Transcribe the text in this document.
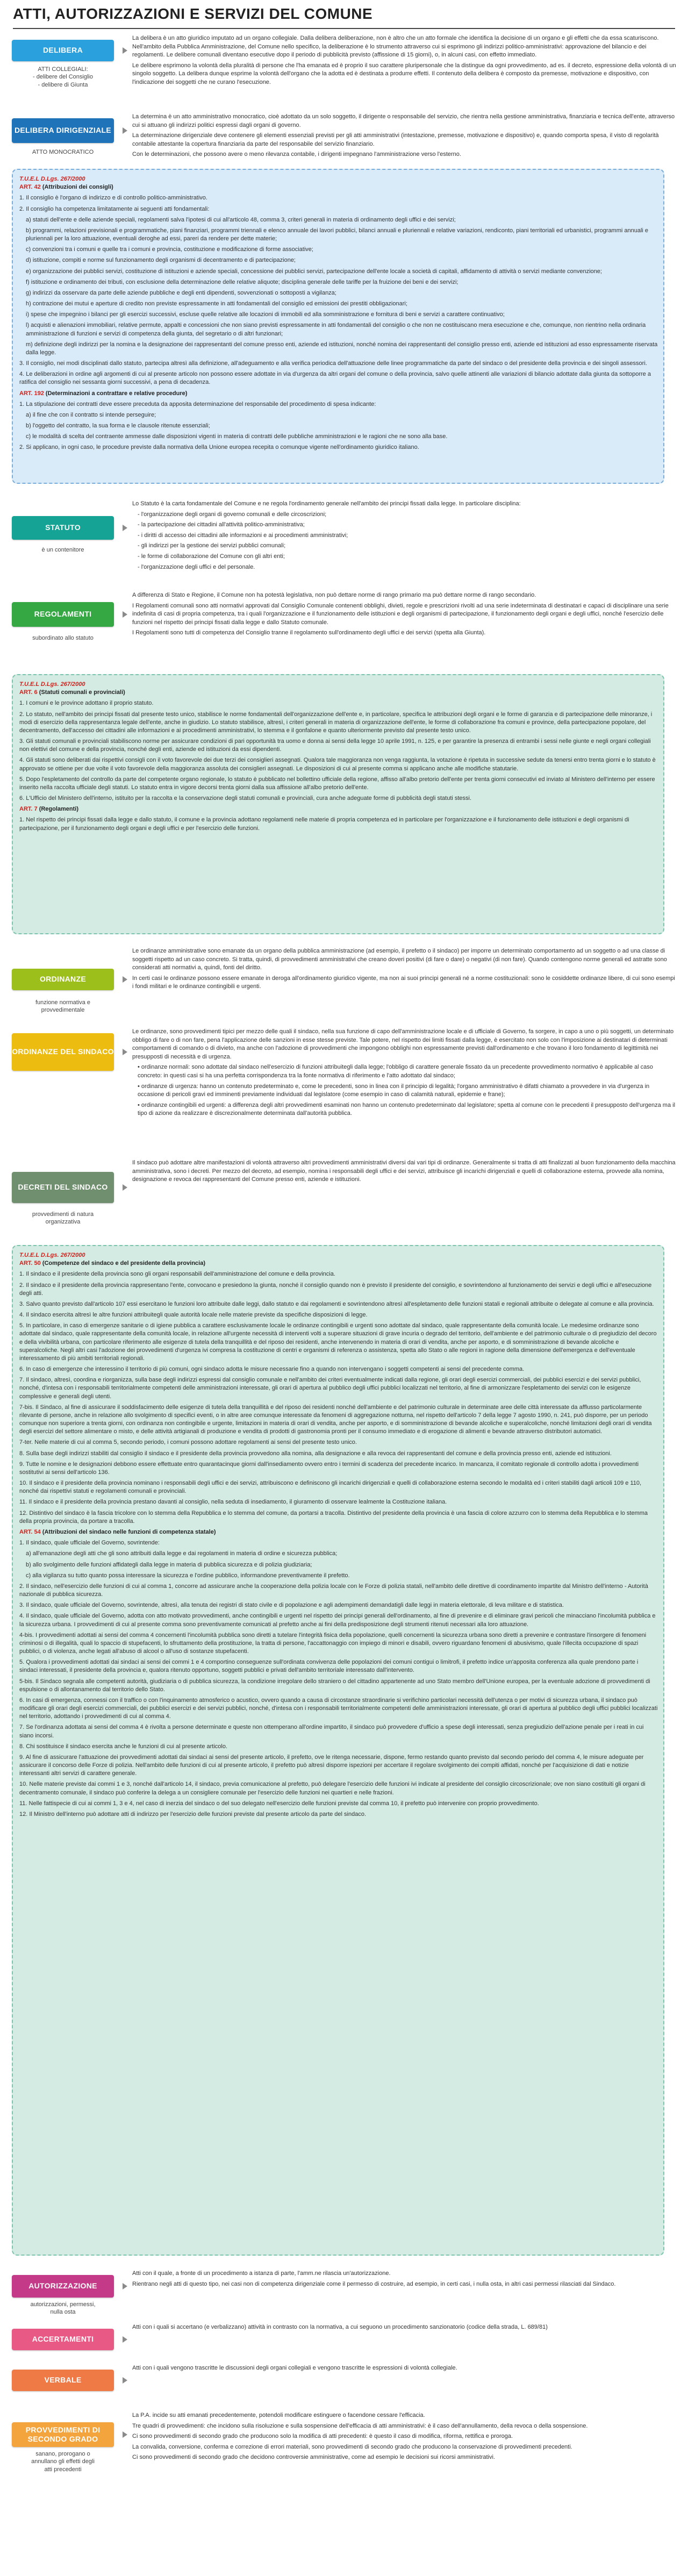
ATTI, AUTORIZZAZIONI E SERVIZI DEL COMUNE
DELIBERA
ATTI COLLEGIALI:
- delibere del Consiglio
- delibere di Giunta

La delibera è un atto giuridico imputato ad un organo collegiale. Dalla delibera deliberazione, non è altro che un atto formale che identifica la decisione di un organo e gli effetti che da essa scaturiscono. Nell'ambito della Pubblica Amministrazione, del Comune nello specifico, la deliberazione è lo strumento attraverso cui si esprimono gli indirizzi politico-amministrativi: approvazione del bilancio e dei regolamenti. Le delibere comunali diventano esecutive dopo il periodo di pubblicità previsto (affissione di 15 giorni), o, in alcuni casi, con effetto immediato.

Le delibere esprimono la volontà della pluralità di persone che l'ha emanata ed è proprio il suo carattere pluripersonale che la distingue da ogni provvedimento, ad es. il decreto, espressione della volontà di un singolo soggetto. La delibera dunque esprime la volontà dell'organo che la adotta ed è destinata a produrre effetti. Il contenuto della delibera è composto da premesse, motivazione e dispositivo, con l'indicazione dei soggetti che ne curano l'esecuzione.

DELIBERA DIRIGENZIALE
ATTO MONOCRATICO

La determina è un atto amministrativo monocratico, cioè adottato da un solo soggetto, il dirigente o responsabile del servizio, che rientra nella gestione amministrativa, finanziaria e tecnica dell'ente, attraverso cui si attuano gli indirizzi politici espressi dagli organi di governo.

La determinazione dirigenziale deve contenere gli elementi essenziali previsti per gli atti amministrativi (intestazione, premesse, motivazione e dispositivo) e, quando comporta spesa, il visto di regolarità contabile attestante la copertura finanziaria da parte del responsabile del servizio finanziario.

Con le determinazioni, che possono avere o meno rilevanza contabile, i dirigenti impegnano l'amministrazione verso l'esterno.

T.U.E.L D.Lgs. 267/2000

ART. 42 (Attribuzioni dei consigli)

1. Il consiglio è l'organo di indirizzo e di controllo politico-amministrativo.

2. Il consiglio ha competenza limitatamente ai seguenti atti fondamentali:

a) statuti dell'ente e delle aziende speciali, regolamenti salva l'ipotesi di cui all'articolo 48, comma 3, criteri generali in materia di ordinamento degli uffici e dei servizi;

b) programmi, relazioni previsionali e programmatiche, piani finanziari, programmi triennali e elenco annuale dei lavori pubblici, bilanci annuali e pluriennali e relative variazioni, rendiconto, piani territoriali ed urbanistici, programmi annuali e pluriennali per la loro attuazione, eventuali deroghe ad essi, pareri da rendere per dette materie;

c) convenzioni tra i comuni e quelle tra i comuni e provincia, costituzione e modificazione di forme associative;

d) istituzione, compiti e norme sul funzionamento degli organismi di decentramento e di partecipazione;

e) organizzazione dei pubblici servizi, costituzione di istituzioni e aziende speciali, concessione dei pubblici servizi, partecipazione dell'ente locale a società di capitali, affidamento di attività o servizi mediante convenzione;

f) istituzione e ordinamento dei tributi, con esclusione della determinazione delle relative aliquote; disciplina generale delle tariffe per la fruizione dei beni e dei servizi;

g) indirizzi da osservare da parte delle aziende pubbliche e degli enti dipendenti, sovvenzionati o sottoposti a vigilanza;

h) contrazione dei mutui e aperture di credito non previste espressamente in atti fondamentali del consiglio ed emissioni dei prestiti obbligazionari;

i) spese che impegnino i bilanci per gli esercizi successivi, escluse quelle relative alle locazioni di immobili ed alla somministrazione e fornitura di beni e servizi a carattere continuativo;

l) acquisti e alienazioni immobiliari, relative permute, appalti e concessioni che non siano previsti espressamente in atti fondamentali del consiglio o che non ne costituiscano mera esecuzione e che, comunque, non rientrino nella ordinaria amministrazione di funzioni e servizi di competenza della giunta, del segretario o di altri funzionari;

m) definizione degli indirizzi per la nomina e la designazione dei rappresentanti del comune presso enti, aziende ed istituzioni, nonché nomina dei rappresentanti del consiglio presso enti, aziende ed istituzioni ad esso espressamente riservata dalla legge.

3. Il consiglio, nei modi disciplinati dallo statuto, partecipa altresì alla definizione, all'adeguamento e alla verifica periodica dell'attuazione delle linee programmatiche da parte del sindaco o del presidente della provincia e dei singoli assessori.

4. Le deliberazioni in ordine agli argomenti di cui al presente articolo non possono essere adottate in via d'urgenza da altri organi del comune o della provincia, salvo quelle attinenti alle variazioni di bilancio adottate dalla giunta da sottoporre a ratifica del consiglio nei sessanta giorni successivi, a pena di decadenza.

ART. 192 (Determinazioni a contrattare e relative procedure)

1. La stipulazione dei contratti deve essere preceduta da apposita determinazione del responsabile del procedimento di spesa indicante:

a) il fine che con il contratto si intende perseguire;

b) l'oggetto del contratto, la sua forma e le clausole ritenute essenziali;

c) le modalità di scelta del contraente ammesse dalle disposizioni vigenti in materia di contratti delle pubbliche amministrazioni e le ragioni che ne sono alla base.

2. Si applicano, in ogni caso, le procedure previste dalla normativa della Unione europea recepita o comunque vigente nell'ordinamento giuridico italiano.

STATUTO
è un contenitore

Lo Statuto è la carta fondamentale del Comune e ne regola l'ordinamento generale nell'ambito dei principi fissati dalla legge. In particolare disciplina:

- l'organizzazione degli organi di governo comunali e delle circoscrizioni;

- la partecipazione dei cittadini all'attività politico-amministrativa;

- i diritti di accesso dei cittadini alle informazioni e ai procedimenti amministrativi;

- gli indirizzi per la gestione dei servizi pubblici comunali;

- le forme di collaborazione del Comune con gli altri enti;

- l'organizzazione degli uffici e del personale.

REGOLAMENTI
subordinato allo statuto

A differenza di Stato e Regione, il Comune non ha potestà legislativa, non può dettare norme di rango primario ma può dettare norme di rango secondario.

I Regolamenti comunali sono atti normativi approvati dal Consiglio Comunale contenenti obblighi, divieti, regole e prescrizioni rivolti ad una serie indeterminata di destinatari e capaci di disciplinare una serie indefinita di casi di propria competenza, tra i quali l'organizzazione e il funzionamento delle istituzioni e degli organismi di partecipazione, il funzionamento degli organi e degli uffici, nonché l'esercizio delle funzioni nel rispetto dei principi fissati dalla legge e dallo Statuto comunale.

I Regolamenti sono tutti di competenza del Consiglio tranne il regolamento sull'ordinamento degli uffici e dei servizi (spetta alla Giunta).

T.U.E.L D.Lgs. 267/2000

ART. 6 (Statuti comunali e provinciali)

1. I comuni e le province adottano il proprio statuto.

2. Lo statuto, nell'ambito dei principi fissati dal presente testo unico, stabilisce le norme fondamentali dell'organizzazione dell'ente e, in particolare, specifica le attribuzioni degli organi e le forme di garanzia e di partecipazione delle minoranze, i modi di esercizio della rappresentanza legale dell'ente, anche in giudizio. Lo statuto stabilisce, altresì, i criteri generali in materia di organizzazione dell'ente, le forme di collaborazione fra comuni e province, della partecipazione popolare, del decentramento, dell'accesso dei cittadini alle informazioni e ai procedimenti amministrativi, lo stemma e il gonfalone e quanto ulteriormente previsto dal presente testo unico.

3. Gli statuti comunali e provinciali stabiliscono norme per assicurare condizioni di pari opportunità tra uomo e donna ai sensi della legge 10 aprile 1991, n. 125, e per garantire la presenza di entrambi i sessi nelle giunte e negli organi collegiali non elettivi del comune e della provincia, nonché degli enti, aziende ed istituzioni da essi dipendenti.

4. Gli statuti sono deliberati dai rispettivi consigli con il voto favorevole dei due terzi dei consiglieri assegnati. Qualora tale maggioranza non venga raggiunta, la votazione è ripetuta in successive sedute da tenersi entro trenta giorni e lo statuto è approvato se ottiene per due volte il voto favorevole della maggioranza assoluta dei consiglieri assegnati. Le disposizioni di cui al presente comma si applicano anche alle modifiche statutarie.

5. Dopo l'espletamento del controllo da parte del competente organo regionale, lo statuto è pubblicato nel bollettino ufficiale della regione, affisso all'albo pretorio dell'ente per trenta giorni consecutivi ed inviato al Ministero dell'interno per essere inserito nella raccolta ufficiale degli statuti. Lo statuto entra in vigore decorsi trenta giorni dalla sua affissione all'albo pretorio dell'ente.

6. L'Ufficio del Ministero dell'interno, istituito per la raccolta e la conservazione degli statuti comunali e provinciali, cura anche adeguate forme di pubblicità degli statuti stessi.

ART. 7 (Regolamenti)

1. Nel rispetto dei principi fissati dalla legge e dallo statuto, il comune e la provincia adottano regolamenti nelle materie di propria competenza ed in particolare per l'organizzazione e il funzionamento delle istituzioni e degli organismi di partecipazione, per il funzionamento degli organi e degli uffici e per l'esercizio delle funzioni.

ORDINANZE
funzione normativa e
provvedimentale

Le ordinanze amministrative sono emanate da un organo della pubblica amministrazione (ad esempio, il prefetto o il sindaco) per imporre un determinato comportamento ad un soggetto o ad una classe di soggetti rispetto ad un caso concreto. Si tratta, quindi, di provvedimenti amministrativi che creano doveri positivi (di fare o dare) o negativi (di non fare). Quando contengono norme generali ed astratte sono considerati atti normativi a, quindi, fonti del diritto.

In certi casi le ordinanze possono essere emanate in deroga all'ordinamento giuridico vigente, ma non ai suoi principi generali né a norme costituzionali: sono le cosiddette ordinanze libere, di cui sono esempi i fondi militari e le ordinanze contingibili e urgenti.

ORDINANZE DEL SINDACO

Le ordinanze, sono provvedimenti tipici per mezzo delle quali il sindaco, nella sua funzione di capo dell'amministrazione locale e di ufficiale di Governo, fa sorgere, in capo a uno o più soggetti, un determinato obbligo di fare o di non fare, pena l'applicazione delle sanzioni in esse stesse previste. Tale potere, nel rispetto dei limiti fissati dalla legge, è esercitato non solo con l'imposizione ai destinatari di determinati comportamenti di comando o di divieto, ma anche con l'adozione di provvedimenti che impongono obblighi non espressamente previsti dall'ordinamento e che trovano il loro fondamento di legittimità nei presupposti di necessità e di urgenza.

• ordinanze normali: sono adottate dal sindaco nell'esercizio di funzioni attribuitegli dalla legge; l'obbligo di carattere generale fissato da un precedente provvedimento normativo è applicabile al caso concreto: in questi casi si ha una perfetta corrispondenza tra la fonte normativa di riferimento e l'atto adottato dal sindaco;

• ordinanze di urgenza: hanno un contenuto predeterminato e, come le precedenti, sono in linea con il principio di legalità; l'organo amministrativo è difatti chiamato a provvedere in via d'urgenza in occasione di pericoli gravi ed imminenti previamente individuati dal legislatore (come esempio in caso di calamità naturali, epidemie e frane);

• ordinanze contingibili ed urgenti: a differenza degli altri provvedimenti esaminati non hanno un contenuto predeterminato dal legislatore; spetta al comune con le precedenti il presupposto dell'urgenza ma il tipo di azione da realizzare è discrezionalmente determinata dall'autorità pubblica.

DECRETI DEL SINDACO
provvedimenti di natura
organizzativa

Il sindaco può adottare altre manifestazioni di volontà attraverso altri provvedimenti amministrativi diversi dai vari tipi di ordinanze. Generalmente si tratta di atti finalizzati al buon funzionamento della macchina amministrativa, sono i decreti. Per mezzo del decreto, ad esempio, nomina i responsabili degli uffici e dei servizi, attribuisce gli incarichi dirigenziali e quelli di collaborazione esterna, provvede alla nomina, designazione e revoca dei rappresentanti del Comune presso enti, aziende e istituzioni.

T.U.E.L D.Lgs. 267/2000

ART. 50 (Competenze del sindaco e del presidente della provincia)

1. Il sindaco e il presidente della provincia sono gli organi responsabili dell'amministrazione del comune e della provincia.

2. Il sindaco e il presidente della provincia rappresentano l'ente, convocano e presiedono la giunta, nonché il consiglio quando non è previsto il presidente del consiglio, e sovrintendono al funzionamento dei servizi e degli uffici e all'esecuzione degli atti.

3. Salvo quanto previsto dall'articolo 107 essi esercitano le funzioni loro attribuite dalle leggi, dallo statuto e dai regolamenti e sovrintendono altresì all'espletamento delle funzioni statali e regionali attribuite o delegate al comune e alla provincia.

4. Il sindaco esercita altresì le altre funzioni attribuitegli quale autorità locale nelle materie previste da specifiche disposizioni di legge.

5. In particolare, in caso di emergenze sanitarie o di igiene pubblica a carattere esclusivamente locale le ordinanze contingibili e urgenti sono adottate dal sindaco, quale rappresentante della comunità locale. Le medesime ordinanze sono adottate dal sindaco, quale rappresentante della comunità locale, in relazione all'urgente necessità di interventi volti a superare situazioni di grave incuria o degrado del territorio, dell'ambiente e del patrimonio culturale o di pregiudizio del decoro e della vivibilità urbana, con particolare riferimento alle esigenze di tutela della tranquillità e del riposo dei residenti, anche intervenendo in materia di orari di vendita, anche per asporto, e di somministrazione di bevande alcoliche e superalcoliche. Negli altri casi l'adozione dei provvedimenti d'urgenza ivi compresa la costituzione di centri e organismi di referenza o assistenza, spetta allo Stato o alle regioni in ragione della dimensione dell'emergenza e dell'eventuale interessamento di più ambiti territoriali regionali.

6. In caso di emergenze che interessino il territorio di più comuni, ogni sindaco adotta le misure necessarie fino a quando non intervengano i soggetti competenti ai sensi del precedente comma.

7. Il sindaco, altresì, coordina e riorganizza, sulla base degli indirizzi espressi dal consiglio comunale e nell'ambito dei criteri eventualmente indicati dalla regione, gli orari degli esercizi commerciali, dei pubblici esercizi e dei servizi pubblici, nonché, d'intesa con i responsabili territorialmente competenti delle amministrazioni interessate, gli orari di apertura al pubblico degli uffici pubblici localizzati nel territorio, al fine di armonizzare l'espletamento dei servizi con le esigenze complessive e generali degli utenti.

7-bis. Il Sindaco, al fine di assicurare il soddisfacimento delle esigenze di tutela della tranquillità e del riposo dei residenti nonché dell'ambiente e del patrimonio culturale in determinate aree delle città interessate da afflusso particolarmente rilevante di persone, anche in relazione allo svolgimento di specifici eventi, o in altre aree comunque interessate da fenomeni di aggregazione notturna, nel rispetto dell'articolo 7 della legge 7 agosto 1990, n. 241, può disporre, per un periodo comunque non superiore a trenta giorni, con ordinanza non contingibile e urgente, limitazioni in materia di orari di vendita, anche per asporto, e di somministrazione di bevande alcoliche e superalcoliche, nonché limitazioni degli orari di vendita degli esercizi del settore alimentare o misto, e delle attività artigianali di produzione e vendita di prodotti di gastronomia pronti per il consumo immediato e di erogazione di alimenti e bevande attraverso distributori automatici.

7-ter. Nelle materie di cui al comma 5, secondo periodo, i comuni possono adottare regolamenti ai sensi del presente testo unico.

8. Sulla base degli indirizzi stabiliti dal consiglio il sindaco e il presidente della provincia provvedono alla nomina, alla designazione e alla revoca dei rappresentanti del comune e della provincia presso enti, aziende ed istituzioni.

9. Tutte le nomine e le designazioni debbono essere effettuate entro quarantacinque giorni dall'insediamento ovvero entro i termini di scadenza del precedente incarico. In mancanza, il comitato regionale di controllo adotta i provvedimenti sostitutivi ai sensi dell'articolo 136.

10. Il sindaco e il presidente della provincia nominano i responsabili degli uffici e dei servizi, attribuiscono e definiscono gli incarichi dirigenziali e quelli di collaborazione esterna secondo le modalità ed i criteri stabiliti dagli articoli 109 e 110, nonché dai rispettivi statuti e regolamenti comunali e provinciali.

11. Il sindaco e il presidente della provincia prestano davanti al consiglio, nella seduta di insediamento, il giuramento di osservare lealmente la Costituzione italiana.

12. Distintivo del sindaco è la fascia tricolore con lo stemma della Repubblica e lo stemma del comune, da portarsi a tracolla. Distintivo del presidente della provincia è una fascia di colore azzurro con lo stemma della Repubblica e lo stemma della propria provincia, da portare a tracolla.

ART. 54 (Attribuzioni del sindaco nelle funzioni di competenza statale)

1. Il sindaco, quale ufficiale del Governo, sovrintende:

a) all'emanazione degli atti che gli sono attribuiti dalla legge e dai regolamenti in materia di ordine e sicurezza pubblica;

b) allo svolgimento delle funzioni affidategli dalla legge in materia di pubblica sicurezza e di polizia giudiziaria;

c) alla vigilanza su tutto quanto possa interessare la sicurezza e l'ordine pubblico, informandone preventivamente il prefetto.

2. Il sindaco, nell'esercizio delle funzioni di cui al comma 1, concorre ad assicurare anche la cooperazione della polizia locale con le Forze di polizia statali, nell'ambito delle direttive di coordinamento impartite dal Ministro dell'interno - Autorità nazionale di pubblica sicurezza.

3. Il sindaco, quale ufficiale del Governo, sovrintende, altresì, alla tenuta dei registri di stato civile e di popolazione e agli adempimenti demandatigli dalle leggi in materia elettorale, di leva militare e di statistica.

4. Il sindaco, quale ufficiale del Governo, adotta con atto motivato provvedimenti, anche contingibili e urgenti nel rispetto dei principi generali dell'ordinamento, al fine di prevenire e di eliminare gravi pericoli che minacciano l'incolumità pubblica e la sicurezza urbana. I provvedimenti di cui al presente comma sono preventivamente comunicati al prefetto anche ai fini della predisposizione degli strumenti ritenuti necessari alla loro attuazione.

4-bis. I provvedimenti adottati ai sensi del comma 4 concernenti l'incolumità pubblica sono diretti a tutelare l'integrità fisica della popolazione, quelli concernenti la sicurezza urbana sono diretti a prevenire e contrastare l'insorgere di fenomeni criminosi o di illegalità, quali lo spaccio di stupefacenti, lo sfruttamento della prostituzione, la tratta di persone, l'accattonaggio con impiego di minori e disabili, ovvero riguardano fenomeni di abusivismo, quale l'illecita occupazione di spazi pubblici, o di violenza, anche legati all'abuso di alcool o all'uso di sostanze stupefacenti.

5. Qualora i provvedimenti adottati dai sindaci ai sensi dei commi 1 e 4 comportino conseguenze sull'ordinata convivenza delle popolazioni dei comuni contigui o limitrofi, il prefetto indice un'apposita conferenza alla quale prendono parte i sindaci interessati, il presidente della provincia e, qualora ritenuto opportuno, soggetti pubblici e privati dell'ambito territoriale interessato dall'intervento.

5-bis. Il Sindaco segnala alle competenti autorità, giudiziaria o di pubblica sicurezza, la condizione irregolare dello straniero o del cittadino appartenente ad uno Stato membro dell'Unione europea, per la eventuale adozione di provvedimenti di espulsione o di allontanamento dal territorio dello Stato.

6. In casi di emergenza, connessi con il traffico o con l'inquinamento atmosferico o acustico, ovvero quando a causa di circostanze straordinarie si verifichino particolari necessità dell'utenza o per motivi di sicurezza urbana, il sindaco può modificare gli orari degli esercizi commerciali, dei pubblici esercizi e dei servizi pubblici, nonché, d'intesa con i responsabili territorialmente competenti delle amministrazioni interessate, gli orari di apertura al pubblico degli uffici pubblici localizzati nel territorio, adottando i provvedimenti di cui al comma 4.

7. Se l'ordinanza adottata ai sensi del comma 4 è rivolta a persone determinate e queste non ottemperano all'ordine impartito, il sindaco può provvedere d'ufficio a spese degli interessati, senza pregiudizio dell'azione penale per i reati in cui siano incorsi.

8. Chi sostituisce il sindaco esercita anche le funzioni di cui al presente articolo.

9. Al fine di assicurare l'attuazione dei provvedimenti adottati dai sindaci ai sensi del presente articolo, il prefetto, ove le ritenga necessarie, dispone, fermo restando quanto previsto dal secondo periodo del comma 4, le misure adeguate per assicurare il concorso delle Forze di polizia. Nell'ambito delle funzioni di cui al presente articolo, il prefetto può altresì disporre ispezioni per accertare il regolare svolgimento dei compiti affidati, nonché per l'acquisizione di dati e notizie interessanti altri servizi di carattere generale.

10. Nelle materie previste dai commi 1 e 3, nonché dall'articolo 14, il sindaco, previa comunicazione al prefetto, può delegare l'esercizio delle funzioni ivi indicate al presidente del consiglio circoscrizionale; ove non siano costituiti gli organi di decentramento comunale, il sindaco può conferire la delega a un consigliere comunale per l'esercizio delle funzioni nei quartieri e nelle frazioni.

11. Nelle fattispecie di cui ai commi 1, 3 e 4, nel caso di inerzia del sindaco o del suo delegato nell'esercizio delle funzioni previste dal comma 10, il prefetto può intervenire con proprio provvedimento.

12. Il Ministro dell'interno può adottare atti di indirizzo per l'esercizio delle funzioni previste dal presente articolo da parte del sindaco.

AUTORIZZAZIONE
autorizzazioni, permessi,
nulla osta

Atti con il quale, a fronte di un procedimento a istanza di parte, l'amm.ne rilascia un'autorizzazione.

Rientrano negli atti di questo tipo, nei casi non di competenza dirigenziale come il permesso di costruire, ad esempio, in certi casi, i nulla osta, in altri casi permessi rilasciati dal Sindaco.

ACCERTAMENTI

Atti con i quali si accertano (e verbalizzano) attività in contrasto con la normativa, a cui seguono un procedimento sanzionatorio (codice della strada, L. 689/81)

VERBALE

Atti con i quali vengono trascritte le discussioni degli organi collegiali e vengono trascritte le espressioni di volontà collegiale.

PROVVEDIMENTI DI SECONDO GRADO
sanano, prorogano o
annullano gli effetti degli
atti precedenti

La P.A. incide su atti emanati precedentemente, potendoli modificare estinguere o facendone cessare l'efficacia.

Tre quadri di provvedimenti: che incidono sulla risoluzione e sulla sospensione dell'efficacia di atti amministrativi: è il caso dell'annullamento, della revoca o della sospensione.

Ci sono provvedimenti di secondo grado che producono solo la modifica di atti precedenti: è questo il caso di modifica, riforma, rettifica e proroga.

La convalida, conversione, conferma e correzione di errori materiali, sono provvedimenti di secondo grado che producono la conservazione di provvedimenti precedenti.

Ci sono provvedimenti di secondo grado che decidono controversie amministrative, come ad esempio le decisioni sui ricorsi amministrativi.
